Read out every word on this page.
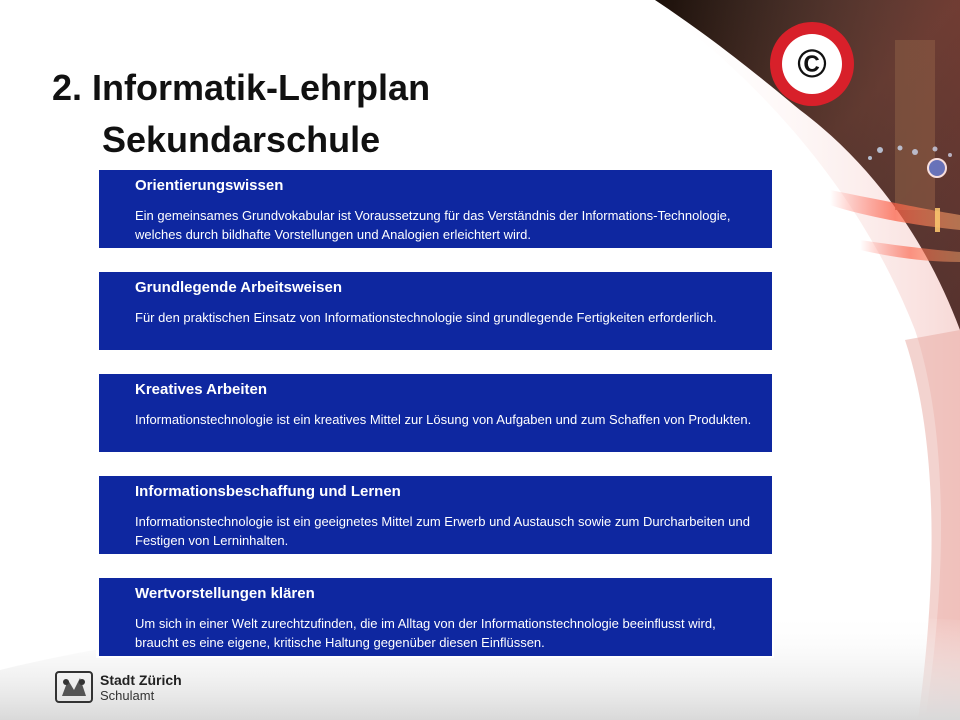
©
2. Informatik-Lehrplan
Sekundarschule
Orientierungswissen
Ein gemeinsames Grundvokabular ist Voraussetzung für das Verständnis der Informations-Technologie, welches durch bildhafte Vorstellungen und Analogien erleichtert wird.
Grundlegende Arbeitsweisen
Für den praktischen Einsatz von Informationstechnologie sind grundlegende Fertigkeiten erforderlich.
Kreatives Arbeiten
Informationstechnologie ist ein kreatives Mittel zur Lösung von Aufgaben und zum Schaffen von Produkten.
Informationsbeschaffung und Lernen
Informationstechnologie ist ein geeignetes Mittel zum Erwerb und Austausch sowie zum Durcharbeiten und Festigen von Lerninhalten.
Wertvorstellungen klären
Um sich in einer Welt zurechtzufinden, die im Alltag von der Informationstechnologie beeinflusst wird, braucht es eine eigene, kritische Haltung gegenüber diesen Einflüssen.
Stadt Zürich
Schulamt
